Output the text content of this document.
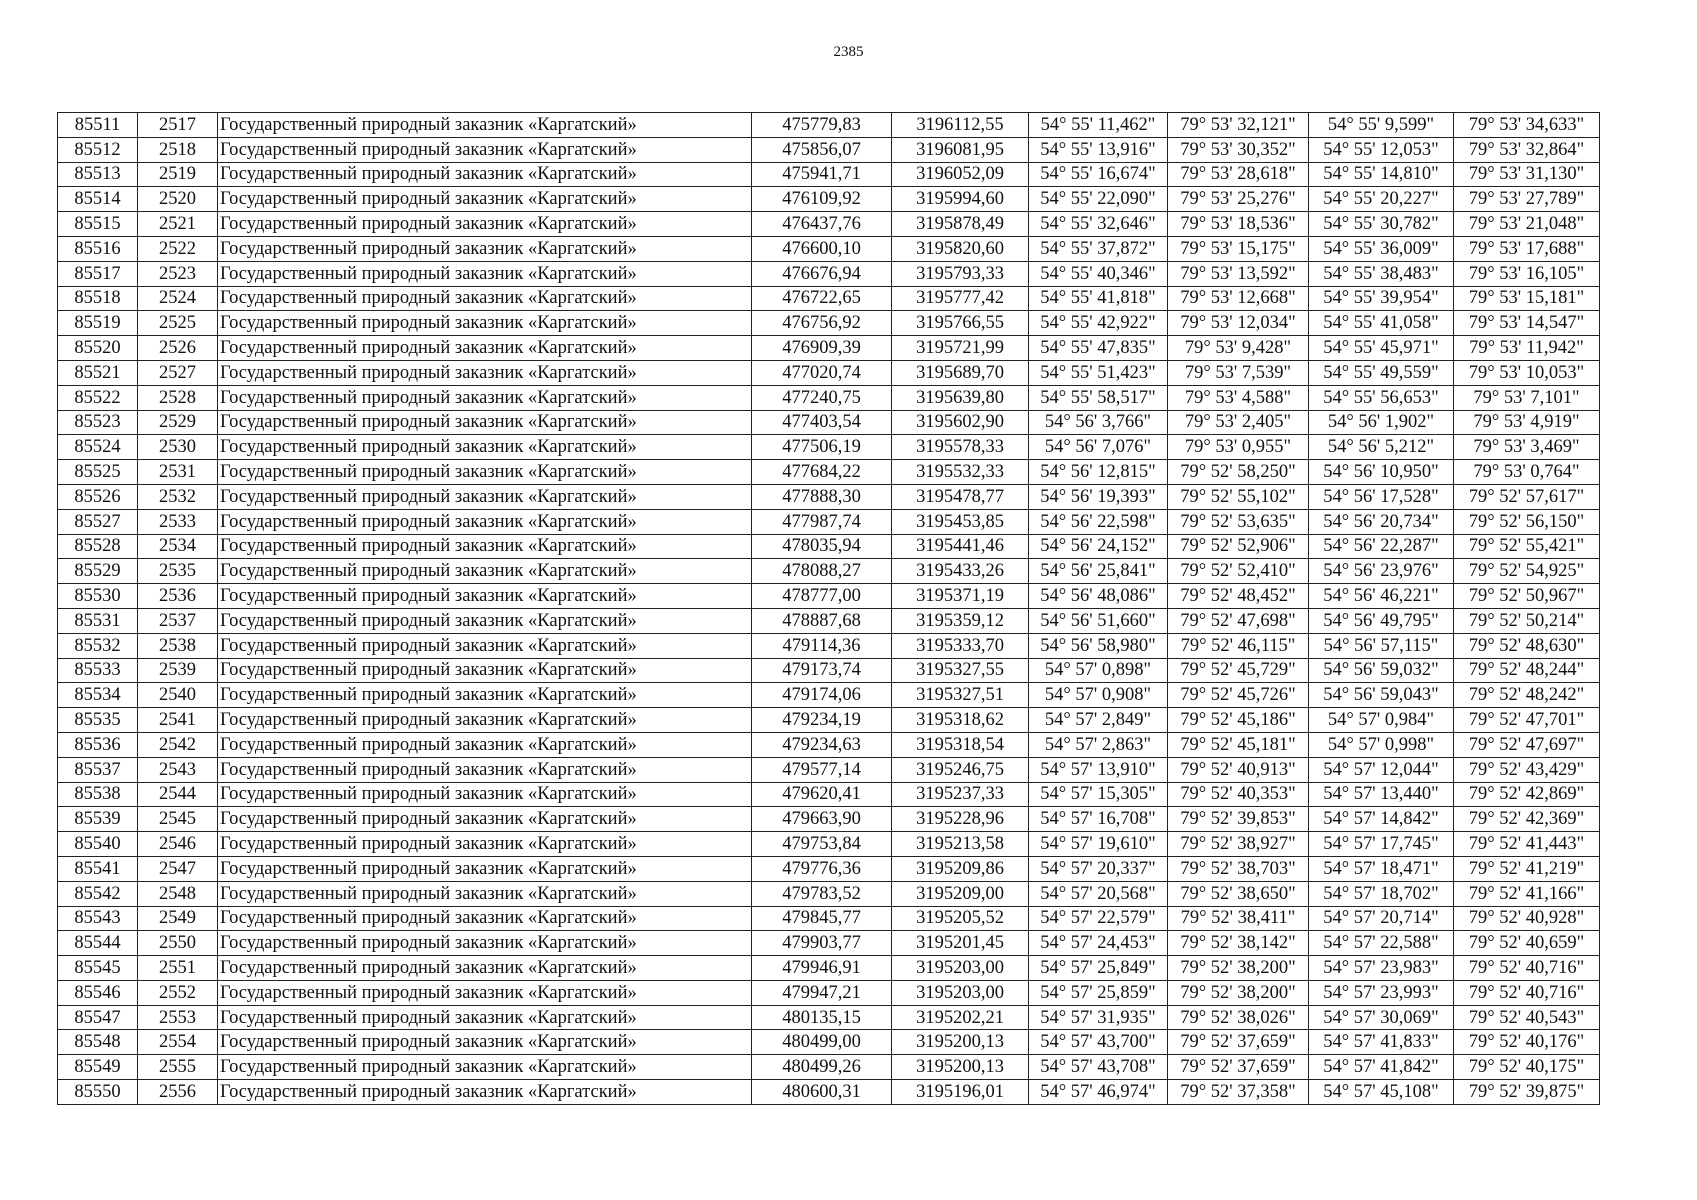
2385
85511	2517	Государственный природный заказник «Каргатский»	475779,83	3196112,55	54° 55' 11,462"	79° 53' 32,121"	54° 55' 9,599"	79° 53' 34,633"
85512	2518	Государственный природный заказник «Каргатский»	475856,07	3196081,95	54° 55' 13,916"	79° 53' 30,352"	54° 55' 12,053"	79° 53' 32,864"
85513	2519	Государственный природный заказник «Каргатский»	475941,71	3196052,09	54° 55' 16,674"	79° 53' 28,618"	54° 55' 14,810"	79° 53' 31,130"
85514	2520	Государственный природный заказник «Каргатский»	476109,92	3195994,60	54° 55' 22,090"	79° 53' 25,276"	54° 55' 20,227"	79° 53' 27,789"
85515	2521	Государственный природный заказник «Каргатский»	476437,76	3195878,49	54° 55' 32,646"	79° 53' 18,536"	54° 55' 30,782"	79° 53' 21,048"
85516	2522	Государственный природный заказник «Каргатский»	476600,10	3195820,60	54° 55' 37,872"	79° 53' 15,175"	54° 55' 36,009"	79° 53' 17,688"
85517	2523	Государственный природный заказник «Каргатский»	476676,94	3195793,33	54° 55' 40,346"	79° 53' 13,592"	54° 55' 38,483"	79° 53' 16,105"
85518	2524	Государственный природный заказник «Каргатский»	476722,65	3195777,42	54° 55' 41,818"	79° 53' 12,668"	54° 55' 39,954"	79° 53' 15,181"
85519	2525	Государственный природный заказник «Каргатский»	476756,92	3195766,55	54° 55' 42,922"	79° 53' 12,034"	54° 55' 41,058"	79° 53' 14,547"
85520	2526	Государственный природный заказник «Каргатский»	476909,39	3195721,99	54° 55' 47,835"	79° 53' 9,428"	54° 55' 45,971"	79° 53' 11,942"
85521	2527	Государственный природный заказник «Каргатский»	477020,74	3195689,70	54° 55' 51,423"	79° 53' 7,539"	54° 55' 49,559"	79° 53' 10,053"
85522	2528	Государственный природный заказник «Каргатский»	477240,75	3195639,80	54° 55' 58,517"	79° 53' 4,588"	54° 55' 56,653"	79° 53' 7,101"
85523	2529	Государственный природный заказник «Каргатский»	477403,54	3195602,90	54° 56' 3,766"	79° 53' 2,405"	54° 56' 1,902"	79° 53' 4,919"
85524	2530	Государственный природный заказник «Каргатский»	477506,19	3195578,33	54° 56' 7,076"	79° 53' 0,955"	54° 56' 5,212"	79° 53' 3,469"
85525	2531	Государственный природный заказник «Каргатский»	477684,22	3195532,33	54° 56' 12,815"	79° 52' 58,250"	54° 56' 10,950"	79° 53' 0,764"
85526	2532	Государственный природный заказник «Каргатский»	477888,30	3195478,77	54° 56' 19,393"	79° 52' 55,102"	54° 56' 17,528"	79° 52' 57,617"
85527	2533	Государственный природный заказник «Каргатский»	477987,74	3195453,85	54° 56' 22,598"	79° 52' 53,635"	54° 56' 20,734"	79° 52' 56,150"
85528	2534	Государственный природный заказник «Каргатский»	478035,94	3195441,46	54° 56' 24,152"	79° 52' 52,906"	54° 56' 22,287"	79° 52' 55,421"
85529	2535	Государственный природный заказник «Каргатский»	478088,27	3195433,26	54° 56' 25,841"	79° 52' 52,410"	54° 56' 23,976"	79° 52' 54,925"
85530	2536	Государственный природный заказник «Каргатский»	478777,00	3195371,19	54° 56' 48,086"	79° 52' 48,452"	54° 56' 46,221"	79° 52' 50,967"
85531	2537	Государственный природный заказник «Каргатский»	478887,68	3195359,12	54° 56' 51,660"	79° 52' 47,698"	54° 56' 49,795"	79° 52' 50,214"
85532	2538	Государственный природный заказник «Каргатский»	479114,36	3195333,70	54° 56' 58,980"	79° 52' 46,115"	54° 56' 57,115"	79° 52' 48,630"
85533	2539	Государственный природный заказник «Каргатский»	479173,74	3195327,55	54° 57' 0,898"	79° 52' 45,729"	54° 56' 59,032"	79° 52' 48,244"
85534	2540	Государственный природный заказник «Каргатский»	479174,06	3195327,51	54° 57' 0,908"	79° 52' 45,726"	54° 56' 59,043"	79° 52' 48,242"
85535	2541	Государственный природный заказник «Каргатский»	479234,19	3195318,62	54° 57' 2,849"	79° 52' 45,186"	54° 57' 0,984"	79° 52' 47,701"
85536	2542	Государственный природный заказник «Каргатский»	479234,63	3195318,54	54° 57' 2,863"	79° 52' 45,181"	54° 57' 0,998"	79° 52' 47,697"
85537	2543	Государственный природный заказник «Каргатский»	479577,14	3195246,75	54° 57' 13,910"	79° 52' 40,913"	54° 57' 12,044"	79° 52' 43,429"
85538	2544	Государственный природный заказник «Каргатский»	479620,41	3195237,33	54° 57' 15,305"	79° 52' 40,353"	54° 57' 13,440"	79° 52' 42,869"
85539	2545	Государственный природный заказник «Каргатский»	479663,90	3195228,96	54° 57' 16,708"	79° 52' 39,853"	54° 57' 14,842"	79° 52' 42,369"
85540	2546	Государственный природный заказник «Каргатский»	479753,84	3195213,58	54° 57' 19,610"	79° 52' 38,927"	54° 57' 17,745"	79° 52' 41,443"
85541	2547	Государственный природный заказник «Каргатский»	479776,36	3195209,86	54° 57' 20,337"	79° 52' 38,703"	54° 57' 18,471"	79° 52' 41,219"
85542	2548	Государственный природный заказник «Каргатский»	479783,52	3195209,00	54° 57' 20,568"	79° 52' 38,650"	54° 57' 18,702"	79° 52' 41,166"
85543	2549	Государственный природный заказник «Каргатский»	479845,77	3195205,52	54° 57' 22,579"	79° 52' 38,411"	54° 57' 20,714"	79° 52' 40,928"
85544	2550	Государственный природный заказник «Каргатский»	479903,77	3195201,45	54° 57' 24,453"	79° 52' 38,142"	54° 57' 22,588"	79° 52' 40,659"
85545	2551	Государственный природный заказник «Каргатский»	479946,91	3195203,00	54° 57' 25,849"	79° 52' 38,200"	54° 57' 23,983"	79° 52' 40,716"
85546	2552	Государственный природный заказник «Каргатский»	479947,21	3195203,00	54° 57' 25,859"	79° 52' 38,200"	54° 57' 23,993"	79° 52' 40,716"
85547	2553	Государственный природный заказник «Каргатский»	480135,15	3195202,21	54° 57' 31,935"	79° 52' 38,026"	54° 57' 30,069"	79° 52' 40,543"
85548	2554	Государственный природный заказник «Каргатский»	480499,00	3195200,13	54° 57' 43,700"	79° 52' 37,659"	54° 57' 41,833"	79° 52' 40,176"
85549	2555	Государственный природный заказник «Каргатский»	480499,26	3195200,13	54° 57' 43,708"	79° 52' 37,659"	54° 57' 41,842"	79° 52' 40,175"
85550	2556	Государственный природный заказник «Каргатский»	480600,31	3195196,01	54° 57' 46,974"	79° 52' 37,358"	54° 57' 45,108"	79° 52' 39,875"
